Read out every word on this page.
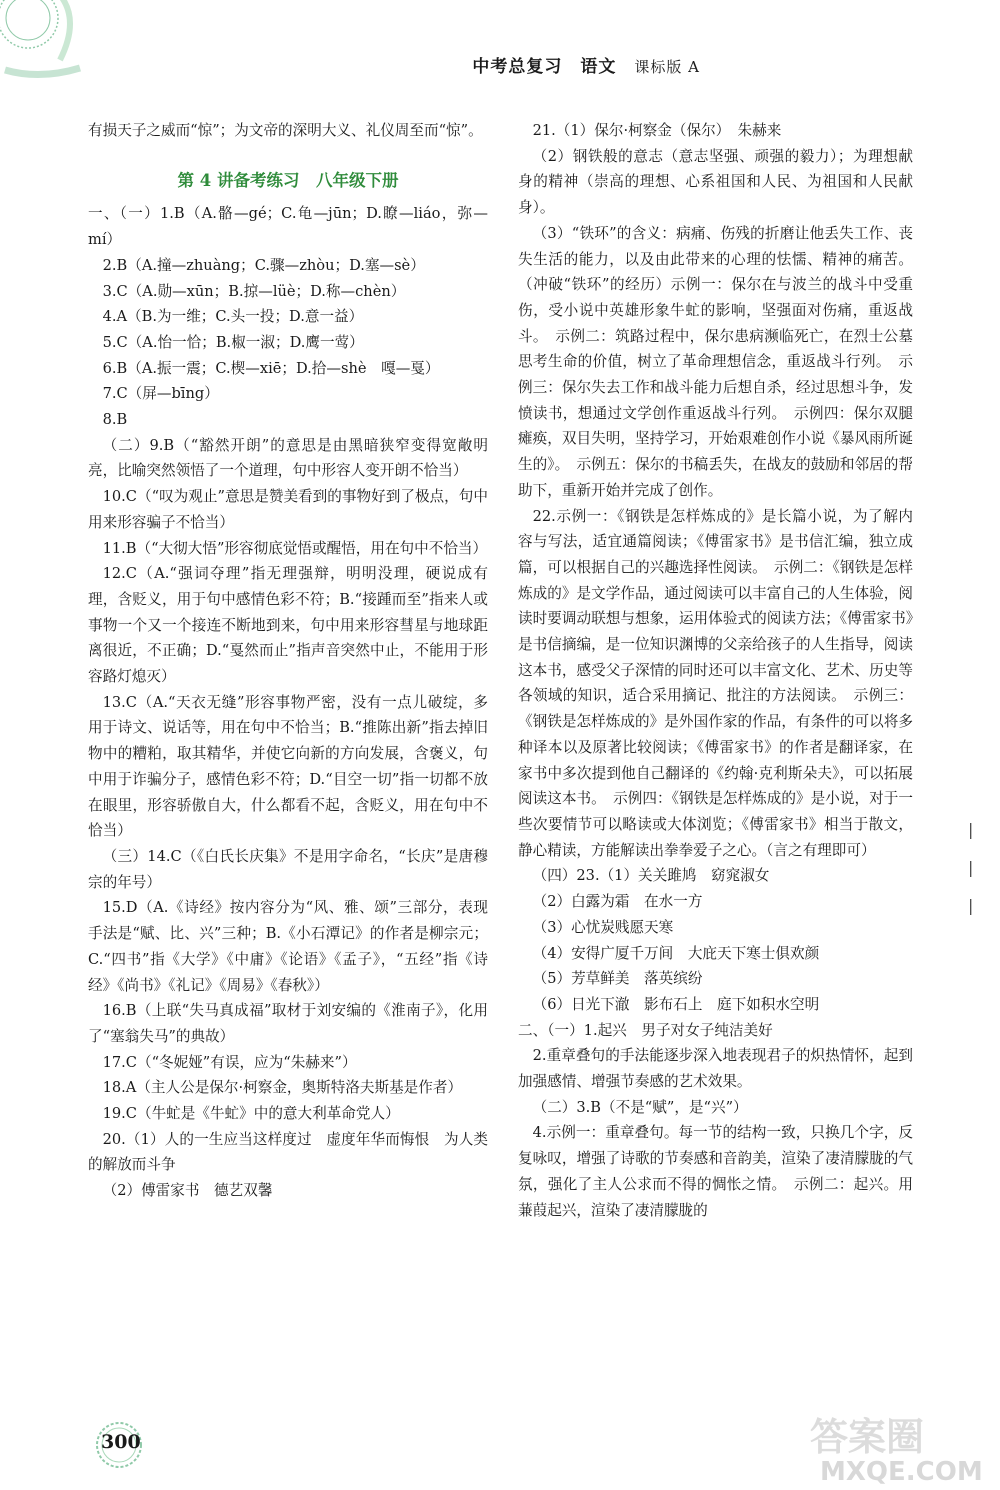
中考总复习 语文 课标版 A

有损天子之威而“惊”；为文帝的深明大义、礼仪周至而“惊”。

第 4 讲备考练习　八年级下册

一、（一）1.B（A.骼—gé；C.龟—jūn；D.瞭—liáo，弥—mí）

2.B（A.撞—zhuàng；C.骤—zhòu；D.塞—sè）

3.C（A.勋—xūn；B.掠—lüè；D.称—chèn）

4.A（B.为一维；C.头一投；D.意一益）

5.C（A.怡一恰；B.椒一淑；D.鹰一莺）

6.B（A.振一震；C.楔—xiē；D.拾—shè　嘎—戛）

7.C（屏—bīng）

8.B

（二）9.B（“豁然开朗”的意思是由黑暗狭窄变得宽敞明亮，比喻突然领悟了一个道理，句中形容人变开朗不恰当）

10.C（“叹为观止”意思是赞美看到的事物好到了极点，句中用来形容骗子不恰当）

11.B（“大彻大悟”形容彻底觉悟或醒悟，用在句中不恰当）

12.C（A.“强词夺理”指无理强辩，明明没理，硬说成有理，含贬义，用于句中感情色彩不符；B.“接踵而至”指来人或事物一个又一个接连不断地到来，句中用来形容彗星与地球距离很近，不正确；D.“戛然而止”指声音突然中止，不能用于形容路灯熄灭）

13.C（A.“天衣无缝”形容事物严密，没有一点儿破绽，多用于诗文、说话等，用在句中不恰当；B.“推陈出新”指去掉旧物中的糟粕，取其精华，并使它向新的方向发展，含褒义，句中用于诈骗分子，感情色彩不符；D.“目空一切”指一切都不放在眼里，形容骄傲自大，什么都看不起，含贬义，用在句中不恰当）

（三）14.C（《白氏长庆集》不是用字命名，“长庆”是唐穆宗的年号）

15.D（A.《诗经》按内容分为“风、雅、颂”三部分，表现手法是“赋、比、兴”三种；B.《小石潭记》的作者是柳宗元；C.“四书”指《大学》《中庸》《论语》《孟子》，“五经”指《诗经》《尚书》《礼记》《周易》《春秋》）

16.B（上联“失马真成福”取材于刘安编的《淮南子》，化用了“塞翁失马”的典故）

17.C（“冬妮娅”有误，应为“朱赫来”）

18.A（主人公是保尔·柯察金，奥斯特洛夫斯基是作者）

19.C（牛虻是《牛虻》中的意大利革命党人）

20.（1）人的一生应当这样度过　虚度年华而悔恨　为人类的解放而斗争

（2）傅雷家书　德艺双馨

21.（1）保尔·柯察金（保尔）　朱赫来

（2）钢铁般的意志（意志坚强、顽强的毅力）；为理想献身的精神（崇高的理想、心系祖国和人民、为祖国和人民献身）。

（3）“铁环”的含义：病痛、伤残的折磨让他丢失工作、丧失生活的能力，以及由此带来的心理的怯懦、精神的痛苦。（冲破“铁环”的经历）示例一：保尔在与波兰的战斗中受重伤，受小说中英雄形象牛虻的影响，坚强面对伤痛，重返战斗。　示例二：筑路过程中，保尔患病濒临死亡，在烈士公墓思考生命的价值，树立了革命理想信念，重返战斗行列。　示例三：保尔失去工作和战斗能力后想自杀，经过思想斗争，发愤读书，想通过文学创作重返战斗行列。　示例四：保尔双腿瘫痪，双目失明，坚持学习，开始艰难创作小说《暴风雨所诞生的》。　示例五：保尔的书稿丢失，在战友的鼓励和邻居的帮助下，重新开始并完成了创作。

22.示例一：《钢铁是怎样炼成的》是长篇小说，为了解内容与写法，适宜通篇阅读；《傅雷家书》是书信汇编，独立成篇，可以根据自己的兴趣选择性阅读。　示例二：《钢铁是怎样炼成的》是文学作品，通过阅读可以丰富自己的人生体验，阅读时要调动联想与想象，运用体验式的阅读方法；《傅雷家书》是书信摘编，是一位知识渊博的父亲给孩子的人生指导，阅读这本书，感受父子深情的同时还可以丰富文化、艺术、历史等各领域的知识，适合采用摘记、批注的方法阅读。　示例三：《钢铁是怎样炼成的》是外国作家的作品，有条件的可以将多种译本以及原著比较阅读；《傅雷家书》的作者是翻译家，在家书中多次提到他自己翻译的《约翰·克利斯朵夫》，可以拓展阅读这本书。　示例四：《钢铁是怎样炼成的》是小说，对于一些次要情节可以略读或大体浏览；《傅雷家书》相当于散文，静心精读，方能解读出拳拳爱子之心。（言之有理即可）

（四）23.（1）关关雎鸠　窈窕淑女

（2）白露为霜　在水一方

（3）心忧炭贱愿天寒

（4）安得广厦千万间　大庇天下寒士俱欢颜

（5）芳草鲜美　落英缤纷

（6）日光下澈　影布石上　庭下如积水空明

二、（一）1.起兴　男子对女子纯洁美好

2.重章叠句的手法能逐步深入地表现君子的炽热情怀，起到加强感情、增强节奏感的艺术效果。

（二）3.B（不是“赋”，是“兴”）

4.示例一：重章叠句。每一节的结构一致，只换几个字，反复咏叹，增强了诗歌的节奏感和音韵美，渲染了凄清朦胧的气氛，强化了主人公求而不得的惆怅之情。　示例二：起兴。用蒹葭起兴，渲染了凄清朦胧的

|

|

|
300	答案圈
MXQE.COM
